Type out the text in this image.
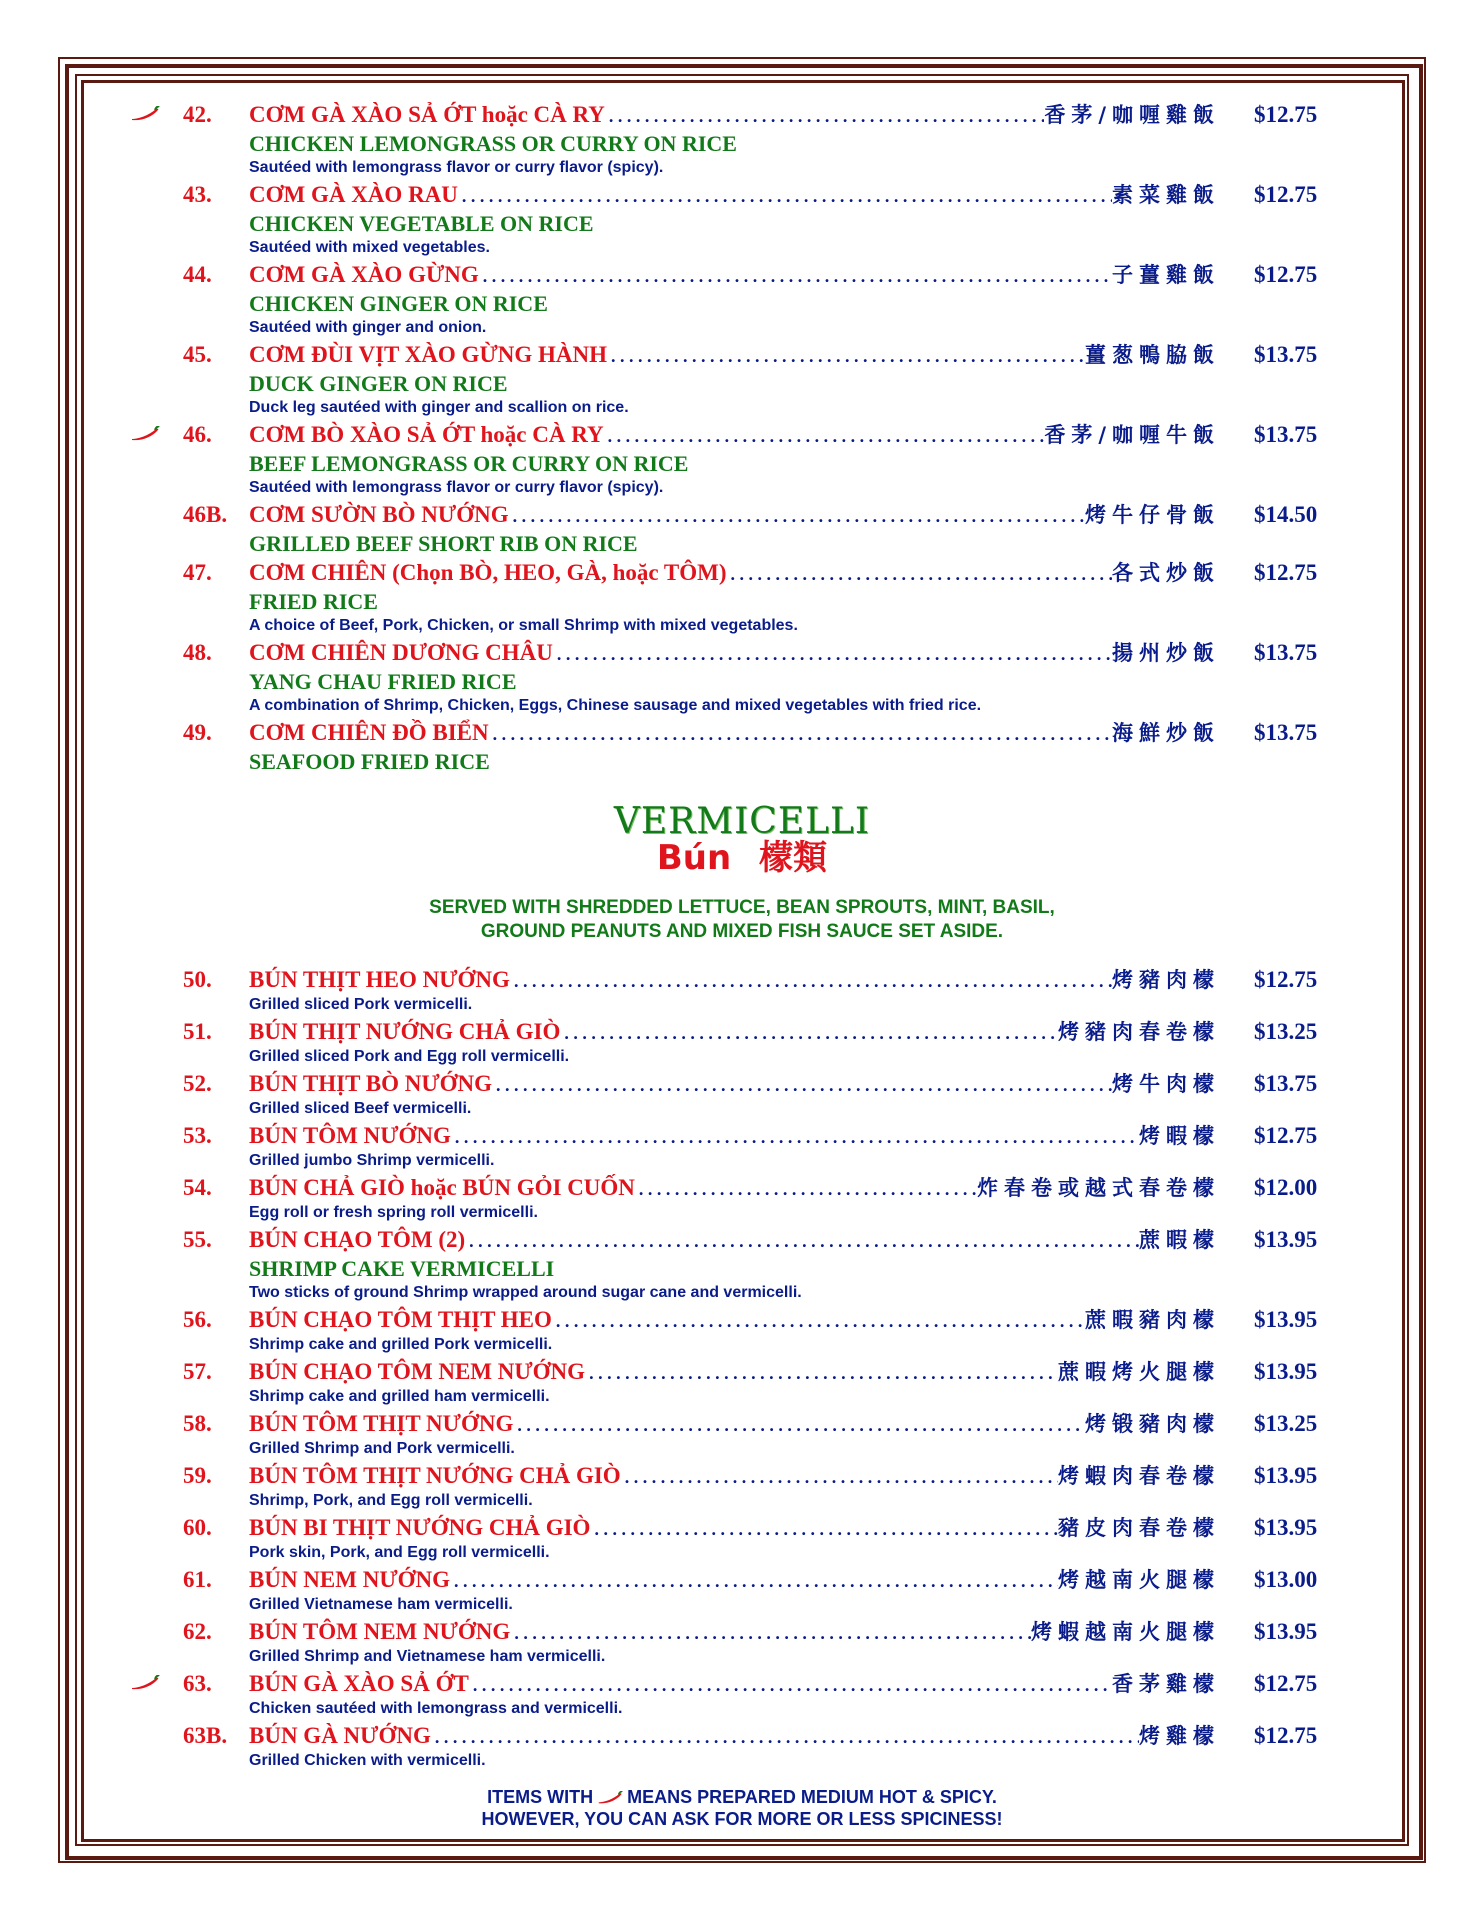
42. CƠM GÀ XÀO SẢ ỚT hoặc CÀ RY . . .	香茅/咖喱雞飯 $12.75
CHICKEN LEMONGRASS OR CURRY ON RICE
Sautéed with lemongrass flavor or curry flavor (spicy).
43. CƠM GÀ XÀO RAU . . .	素菜雞飯 $12.75
CHICKEN VEGETABLE ON RICE
Sautéed with mixed vegetables.
44. CƠM GÀ XÀO GỪNG . . .	子薑雞飯 $12.75
CHICKEN GINGER ON RICE
Sautéed with ginger and onion.
45. CƠM ĐÙI VỊT XÀO GỪNG HÀNH . . .	薑葱鴨脇飯 $13.75
DUCK GINGER ON RICE
Duck leg sautéed with ginger and scallion on rice.
46. CƠM BÒ XÀO SẢ ỚT hoặc CÀ RY . . .	香茅/咖喱牛飯 $13.75
BEEF LEMONGRASS OR CURRY ON RICE
Sautéed with lemongrass flavor or curry flavor (spicy).
46B. CƠM SƯỜN BÒ NƯỚNG . . .	烤牛仔骨飯 $14.50
GRILLED BEEF SHORT RIB ON RICE
47. CƠM CHIÊN (Chọn BÒ, HEO, GÀ, hoặc TÔM) . . .	各式炒飯 $12.75
FRIED RICE
A choice of Beef, Pork, Chicken, or small Shrimp with mixed vegetables.
48. CƠM CHIÊN DƯƠNG CHÂU . . .	揚州炒飯 $13.75
YANG CHAU FRIED RICE
A combination of Shrimp, Chicken, Eggs, Chinese sausage and mixed vegetables with fried rice.
49. CƠM CHIÊN ĐỒ BIỂN . . .	海鮮炒飯 $13.75
SEAFOOD FRIED RICE
50. BÚN THỊT HEO NƯỚNG . . .	烤豬肉檬 $12.75
Grilled sliced Pork vermicelli.
51. BÚN THỊT NƯỚNG CHẢ GIÒ . . .	烤豬肉春卷檬 $13.25
Grilled sliced Pork and Egg roll vermicelli.
52. BÚN THỊT BÒ NƯỚNG . . .	烤牛肉檬 $13.75
Grilled sliced Beef vermicelli.
53. BÚN TÔM NƯỚNG . . .	烤暇檬 $12.75
Grilled jumbo Shrimp vermicelli.
54. BÚN CHẢ GIÒ hoặc BÚN GỎI CUỐN . . .	炸春卷或越式春卷檬 $12.00
Egg roll or fresh spring roll vermicelli.
55. BÚN CHẠO TÔM (2) . . .	蔗暇檬 $13.95
SHRIMP CAKE VERMICELLI
Two sticks of ground Shrimp wrapped around sugar cane and vermicelli.
56. BÚN CHẠO TÔM THỊT HEO . . .	蔗暇豬肉檬 $13.95
Shrimp cake and grilled Pork vermicelli.
57. BÚN CHẠO TÔM NEM NƯỚNG . . .	蔗暇烤火腿檬 $13.95
Shrimp cake and grilled ham vermicelli.
58. BÚN TÔM THỊT NƯỚNG . . .	烤锻豬肉檬 $13.25
Grilled Shrimp and Pork vermicelli.
59. BÚN TÔM THỊT NƯỚNG CHẢ GIÒ . . .	烤蝦肉春卷檬 $13.95
Shrimp, Pork, and Egg roll vermicelli.
60. BÚN BI THỊT NƯỚNG CHẢ GIÒ . . .	豬皮肉春卷檬 $13.95
Pork skin, Pork, and Egg roll vermicelli.
61. BÚN NEM NƯỚNG . . .	烤越南火腿檬 $13.00
Grilled Vietnamese ham vermicelli.
62. BÚN TÔM NEM NƯỚNG . . .	烤蝦越南火腿檬 $13.95
Grilled Shrimp and Vietnamese ham vermicelli.
63. BÚN GÀ XÀO SẢ ỚT . . .	香茅雞檬 $12.75
Chicken sautéed with lemongrass and vermicelli.
63B. BÚN GÀ NƯỚNG . . .	烤雞檬 $12.75
Grilled Chicken with vermicelli.
VERMICELLI
Bún 檬類
SERVED WITH SHREDDED LETTUCE, BEAN SPROUTS, MINT, BASIL,
GROUND PEANUTS AND MIXED FISH SAUCE SET ASIDE.
ITEMS WITH MEANS PREPARED MEDIUM HOT & SPICY.
HOWEVER, YOU CAN ASK FOR MORE OR LESS SPICINESS!
